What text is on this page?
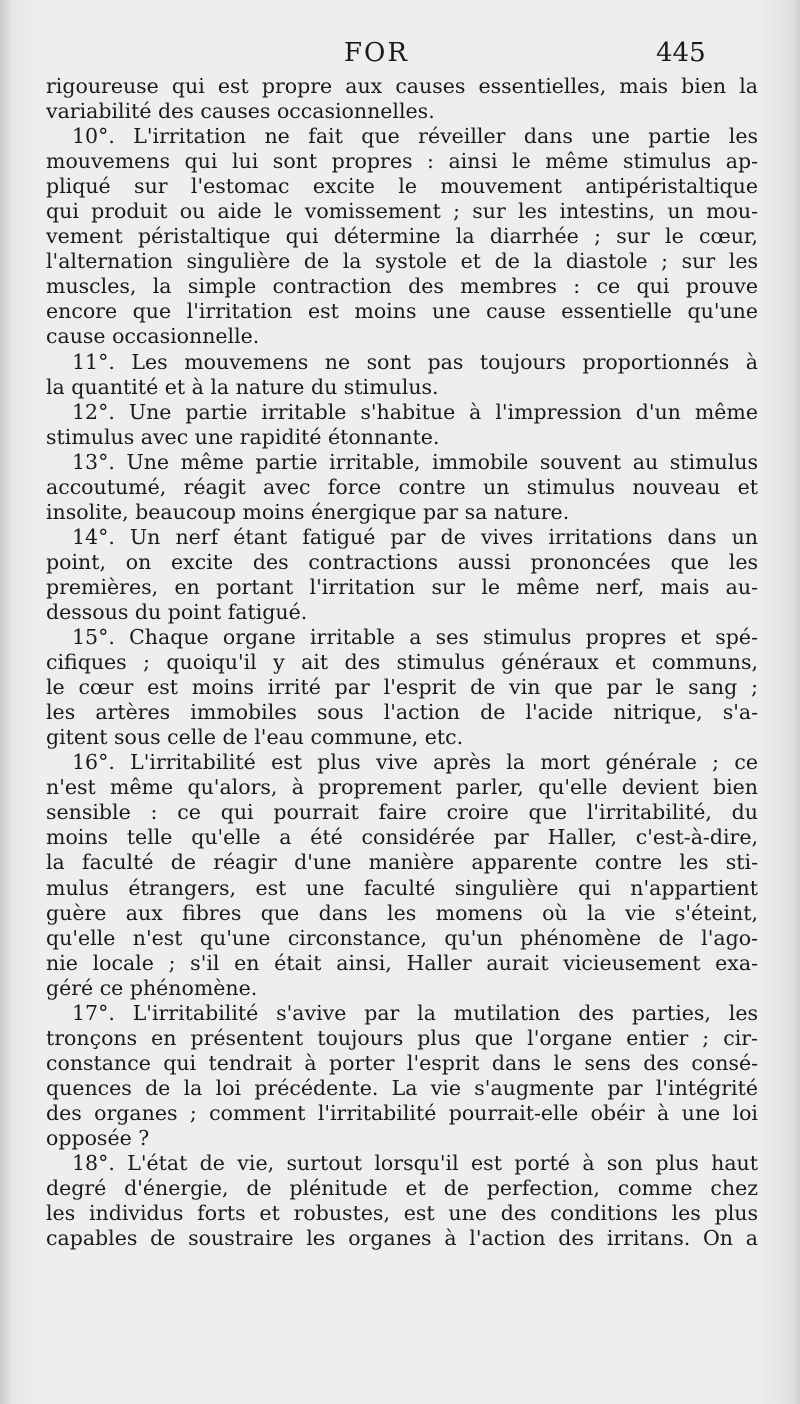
FOR	445
rigoureuse qui est propre aux causes essentielles, mais bien la
variabilité des causes occasionnelles.
10°. L'irritation ne fait que réveiller dans une partie les
mouvemens qui lui sont propres : ainsi le même stimulus ap-
pliqué sur l'estomac excite le mouvement antipéristaltique
qui produit ou aide le vomissement ; sur les intestins, un mou-
vement péristaltique qui détermine la diarrhée ; sur le cœur,
l'alternation singulière de la systole et de la diastole ; sur les
muscles, la simple contraction des membres : ce qui prouve
encore que l'irritation est moins une cause essentielle qu'une
cause occasionnelle.
11°. Les mouvemens ne sont pas toujours proportionnés à
la quantité et à la nature du stimulus.
12°. Une partie irritable s'habitue à l'impression d'un même
stimulus avec une rapidité étonnante.
13°. Une même partie irritable, immobile souvent au stimulus
accoutumé, réagit avec force contre un stimulus nouveau et
insolite, beaucoup moins énergique par sa nature.
14°. Un nerf étant fatigué par de vives irritations dans un
point, on excite des contractions aussi prononcées que les
premières, en portant l'irritation sur le même nerf, mais au-
dessous du point fatigué.
15°. Chaque organe irritable a ses stimulus propres et spé-
cifiques ; quoiqu'il y ait des stimulus généraux et communs,
le cœur est moins irrité par l'esprit de vin que par le sang ;
les artères immobiles sous l'action de l'acide nitrique, s'a-
gitent sous celle de l'eau commune, etc.
16°. L'irritabilité est plus vive après la mort générale ; ce
n'est même qu'alors, à proprement parler, qu'elle devient bien
sensible : ce qui pourrait faire croire que l'irritabilité, du
moins telle qu'elle a été considérée par Haller, c'est-à-dire,
la faculté de réagir d'une manière apparente contre les sti-
mulus étrangers, est une faculté singulière qui n'appartient
guère aux fibres que dans les momens où la vie s'éteint,
qu'elle n'est qu'une circonstance, qu'un phénomène de l'ago-
nie locale ; s'il en était ainsi, Haller aurait vicieusement exa-
géré ce phénomène.
17°. L'irritabilité s'avive par la mutilation des parties, les
tronçons en présentent toujours plus que l'organe entier ; cir-
constance qui tendrait à porter l'esprit dans le sens des consé-
quences de la loi précédente. La vie s'augmente par l'intégrité
des organes ; comment l'irritabilité pourrait-elle obéir à une loi
opposée ?
18°. L'état de vie, surtout lorsqu'il est porté à son plus haut
degré d'énergie, de plénitude et de perfection, comme chez
les individus forts et robustes, est une des conditions les plus
capables de soustraire les organes à l'action des irritans. On a
